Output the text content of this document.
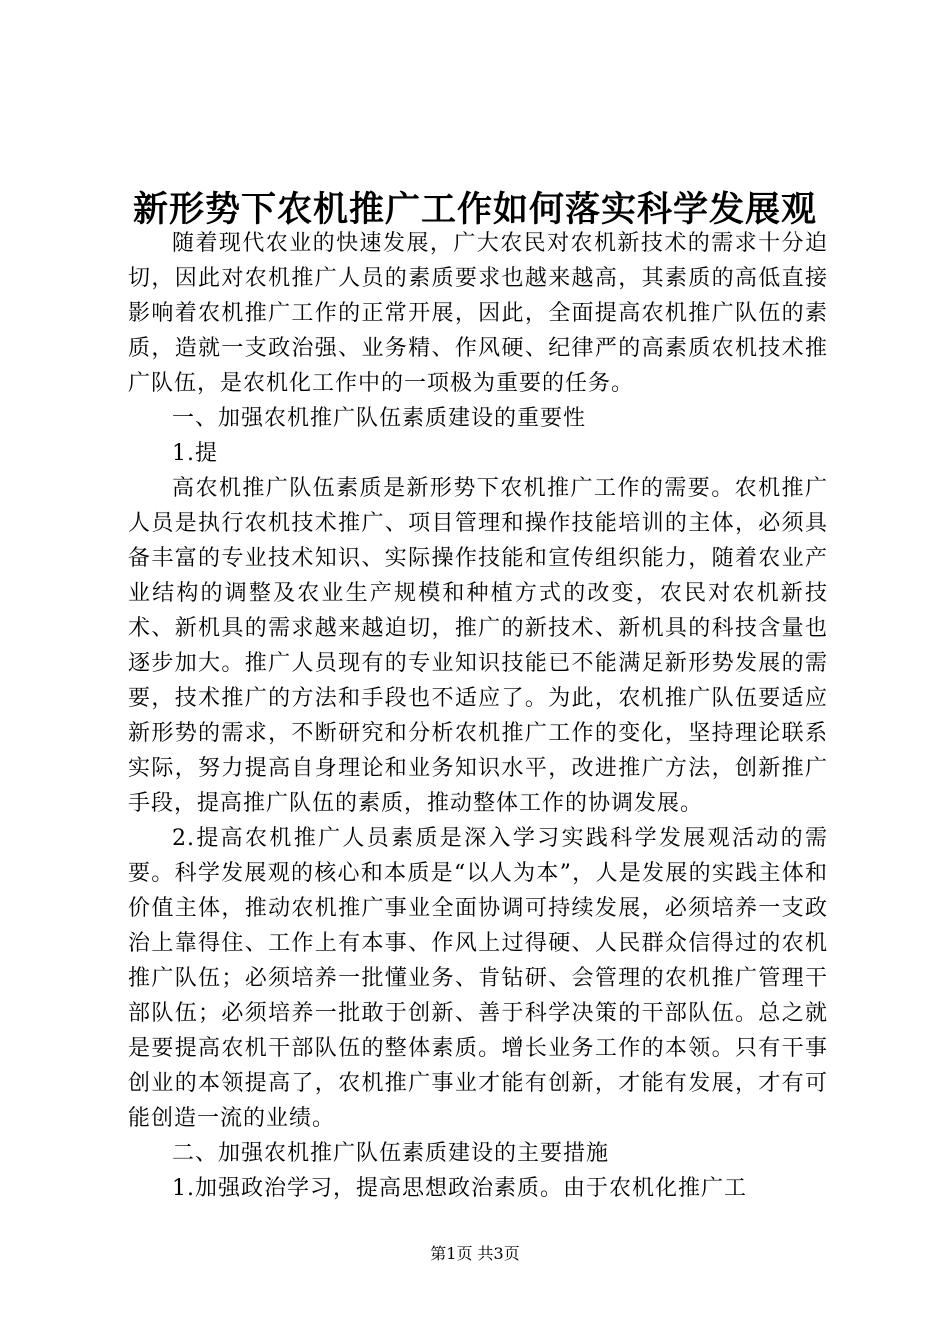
新形势下农机推广工作如何落实科学发展观

随着现代农业的快速发展，广大农民对农机新技术的需求十分迫切，因此对农机推广人员的素质要求也越来越高，其素质的高低直接影响着农机推广工作的正常开展，因此，全面提高农机推广队伍的素质，造就一支政治强、业务精、作风硬、纪律严的高素质农机技术推广队伍，是农机化工作中的一项极为重要的任务。

一、加强农机推广队伍素质建设的重要性

1.提

高农机推广队伍素质是新形势下农机推广工作的需要。农机推广人员是执行农机技术推广、项目管理和操作技能培训的主体，必须具备丰富的专业技术知识、实际操作技能和宣传组织能力，随着农业产业结构的调整及农业生产规模和种植方式的改变，农民对农机新技术、新机具的需求越来越迫切，推广的新技术、新机具的科技含量也逐步加大。推广人员现有的专业知识技能已不能满足新形势发展的需要，技术推广的方法和手段也不适应了。为此，农机推广队伍要适应新形势的需求，不断研究和分析农机推广工作的变化，坚持理论联系实际，努力提高自身理论和业务知识水平，改进推广方法，创新推广手段，提高推广队伍的素质，推动整体工作的协调发展。

2.提高农机推广人员素质是深入学习实践科学发展观活动的需要。科学发展观的核心和本质是“以人为本”，人是发展的实践主体和价值主体，推动农机推广事业全面协调可持续发展，必须培养一支政治上靠得住、工作上有本事、作风上过得硬、人民群众信得过的农机推广队伍；必须培养一批懂业务、肯钻研、会管理的农机推广管理干部队伍；必须培养一批敢于创新、善于科学决策的干部队伍。总之就是要提高农机干部队伍的整体素质。增长业务工作的本领。只有干事创业的本领提高了，农机推广事业才能有创新，才能有发展，才有可能创造一流的业绩。

二、加强农机推广队伍素质建设的主要措施

1.加强政治学习，提高思想政治素质。由于农机化推广工

第1页 共3页
